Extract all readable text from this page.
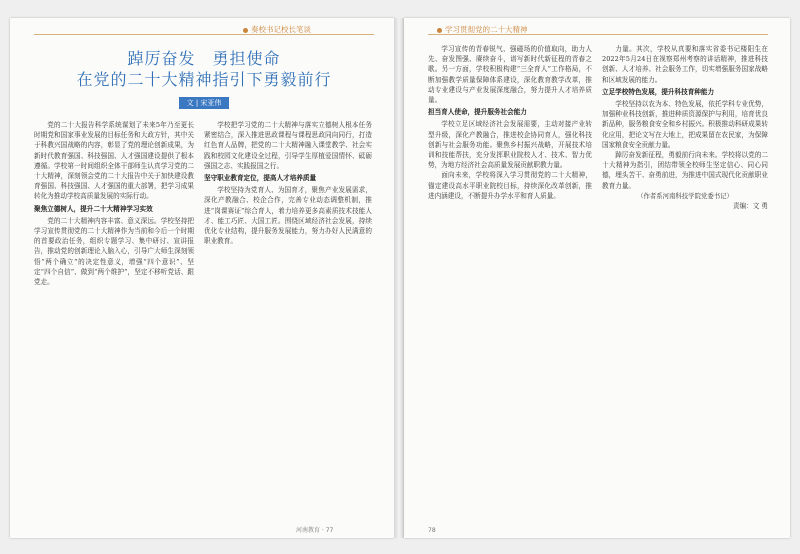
奏校书记校长笔谈
踔厉奋发　勇担使命
在党的二十大精神指引下勇毅前行
文 | 宋亚伟

党的二十大报告科学系统谋划了未来5年乃至更长时期党和国家事业发展的目标任务和大政方针，其中关于科教兴国战略的内容，彰显了党的理论创新成果，为新时代教育强国、科技强国、人才强国建设提供了根本遵循。学校第一时间组织全体干部师生认真学习党的二十大精神，深刻领会党的二十大报告中关于加快建设教育强国、科技强国、人才强国的重大部署，把学习成果转化为推动学校高质量发展的实际行动。

聚焦立德树人，提升二十大精神学习实效

党的二十大精神内容丰富、意义深远。学校坚持把学习宣传贯彻党的二十大精神作为当前和今后一个时期的首要政治任务，组织专题学习、集中研讨、宣讲报告，推动党的创新理论入脑入心，引导广大师生深刻领悟“两个确立”的决定性意义，增强“四个意识”、坚定“四个自信”、做到“两个维护”，坚定不移听党话、跟党走。

学校把学习党的二十大精神与落实立德树人根本任务紧密结合，深入推进思政课程与课程思政同向同行，打造红色育人品牌，把党的二十大精神融入课堂教学、社会实践和校园文化建设全过程，引导学生厚植爱国情怀、砥砺强国之志、实践报国之行。

坚守职业教育定位，提高人才培养质量

学校坚持为党育人、为国育才，聚焦产业发展需求，深化产教融合、校企合作，完善专业动态调整机制，推进“岗课赛证”综合育人，着力培养更多高素质技术技能人才、能工巧匠、大国工匠。围绕区域经济社会发展，持续优化专业结构，提升服务发展能力，努力办好人民满意的职业教育。

河南教育 · 77
学习贯彻党的二十大精神

学习宣传的青春锐气、强磁场的价值取向，助力人先、奋发图强、赓续奋斗，谱写新时代新征程的青春之歌。另一方面，学校积极构建“三全育人”工作格局，不断加强教学质量保障体系建设，深化教育教学改革，推动专业建设与产业发展深度融合，努力提升人才培养质量。

担当育人使命，提升服务社会能力

学校立足区域经济社会发展需要，主动对接产业转型升级，深化产教融合，推进校企协同育人，强化科技创新与社会服务功能。聚焦乡村振兴战略，开展技术培训和技能帮扶，充分发挥职业院校人才、技术、智力优势，为地方经济社会高质量发展贡献职教力量。

面向未来，学校将深入学习贯彻党的二十大精神，锚定建设高水平职业院校目标，持续深化改革创新，推进内涵建设，不断提升办学水平和育人质量。

力量。其次，学校从真要和落实省委书记楼阳生在2022年5月24日在视察郑州考察的讲话精神，推进科技创新、人才培养、社会服务工作，切实增强服务国家战略和区域发展的能力。

立足学校特色发展，提升科技育种能力

学校坚持以农为本、特色发展，依托学科专业优势，加强种业科技创新，推进种质资源保护与利用，培育优良新品种，服务粮食安全和乡村振兴。积极推动科研成果转化应用，把论文写在大地上，把成果留在农民家，为保障国家粮食安全贡献力量。

踔厉奋发新征程，勇毅前行向未来。学校将以党的二十大精神为指引，团结带领全校师生坚定信心、同心同德，埋头苦干、奋勇前进，为推进中国式现代化贡献职业教育力量。

（作者系河南科技学院党委书记）

责编：文 勇

78
